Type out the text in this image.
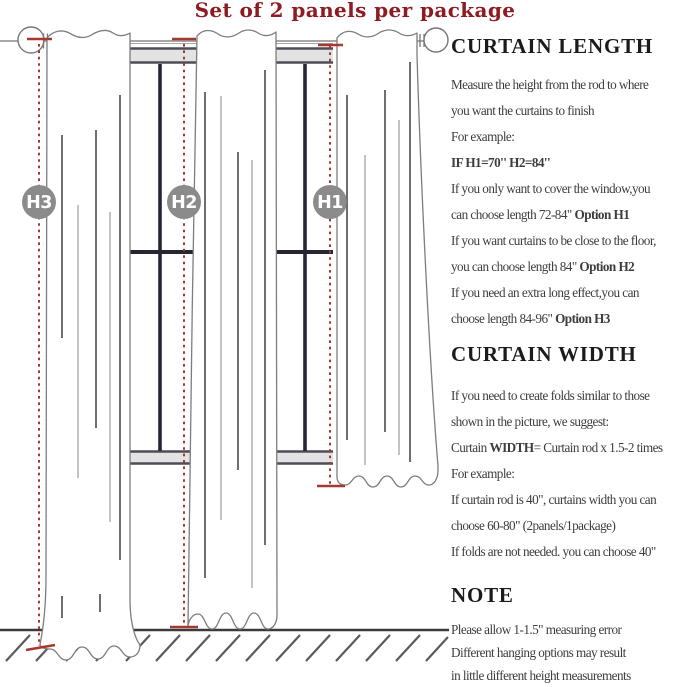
Set of 2 panels per package
H3	H2	H1
CURTAIN LENGTH
Measure the height from the rod to where
you want the curtains to finish
For example:
IF H1=70'' H2=84''
If you only want to cover the window,you
can choose length 72-84" Option H1
If you want curtains to be close to the floor,
you can choose length 84" Option H2
If you need an extra long effect,you can
choose length 84-96" Option H3
CURTAIN WIDTH
If you need to create folds similar to those
shown in the picture, we suggest:
Curtain WIDTH= Curtain rod x 1.5-2 times
For example:
If curtain rod is 40", curtains width you can
choose 60-80" (2panels/1package)
If folds are not needed. you can choose 40"
NOTE
Please allow 1-1.5" measuring error
Different hanging options may result
in little different height measurements
